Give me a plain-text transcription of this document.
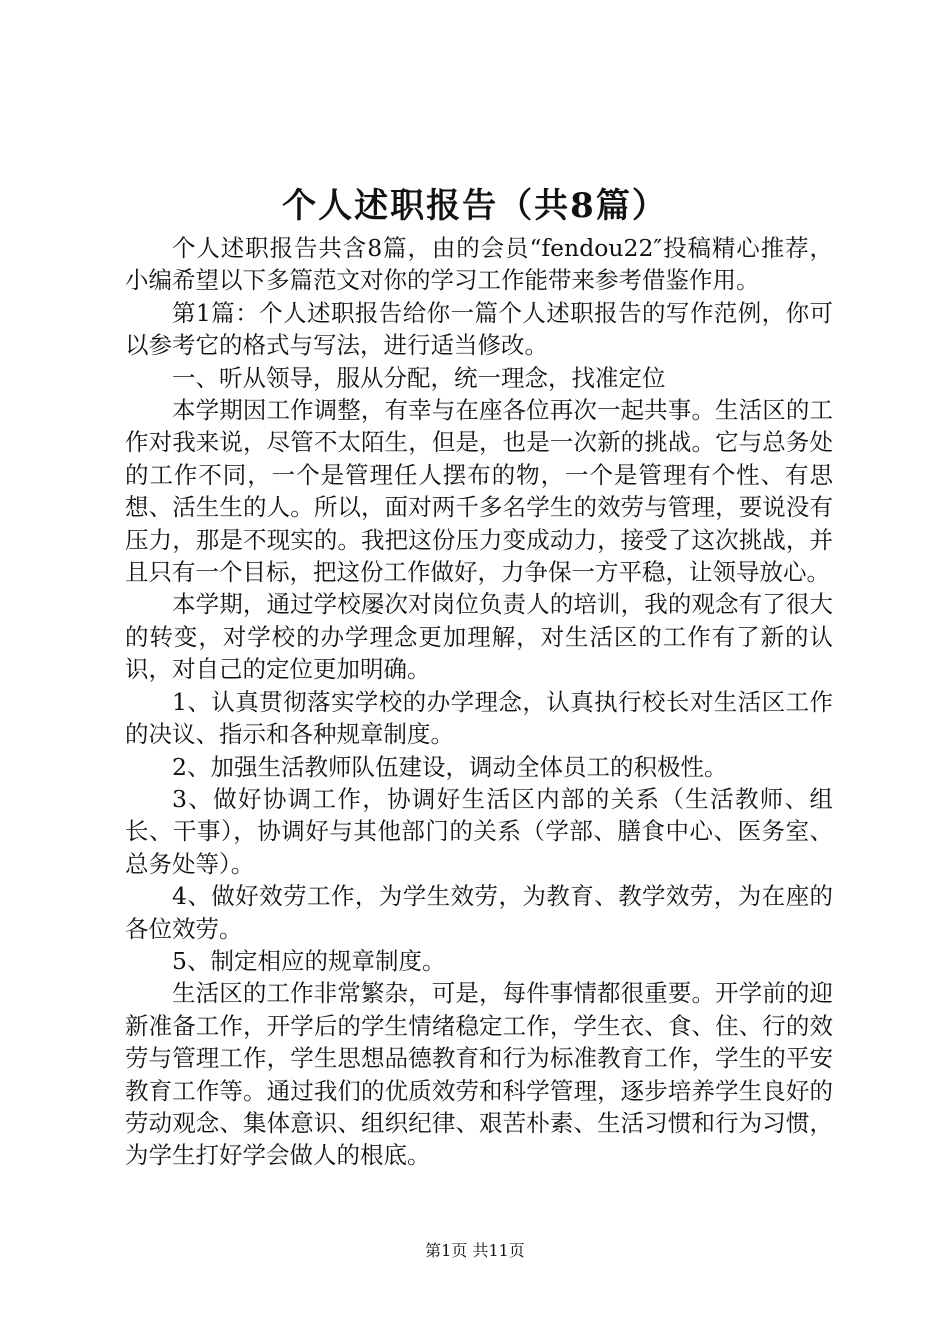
个人述职报告（共8篇）

个人述职报告共含8篇，由的会员“fendou22″投稿精心推荐，小编希望以下多篇范文对你的学习工作能带来参考借鉴作用。

第1篇：个人述职报告给你一篇个人述职报告的写作范例，你可以参考它的格式与写法，进行适当修改。

一、听从领导，服从分配，统一理念，找准定位

本学期因工作调整，有幸与在座各位再次一起共事。生活区的工作对我来说，尽管不太陌生，但是，也是一次新的挑战。它与总务处的工作不同，一个是管理任人摆布的物，一个是管理有个性、有思想、活生生的人。所以，面对两千多名学生的效劳与管理，要说没有压力，那是不现实的。我把这份压力变成动力，接受了这次挑战，并且只有一个目标，把这份工作做好，力争保一方平稳，让领导放心。

本学期，通过学校屡次对岗位负责人的培训，我的观念有了很大的转变，对学校的办学理念更加理解，对生活区的工作有了新的认识，对自己的定位更加明确。

1、认真贯彻落实学校的办学理念，认真执行校长对生活区工作的决议、指示和各种规章制度。

2、加强生活教师队伍建设，调动全体员工的积极性。

3、做好协调工作，协调好生活区内部的关系（生活教师、组长、干事），协调好与其他部门的关系（学部、膳食中心、医务室、总务处等）。

4、做好效劳工作，为学生效劳，为教育、教学效劳，为在座的各位效劳。

5、制定相应的规章制度。

生活区的工作非常繁杂，可是，每件事情都很重要。开学前的迎新准备工作，开学后的学生情绪稳定工作，学生衣、食、住、行的效劳与管理工作，学生思想品德教育和行为标准教育工作，学生的平安教育工作等。通过我们的优质效劳和科学管理，逐步培养学生良好的劳动观念、集体意识、组织纪律、艰苦朴素、生活习惯和行为习惯，为学生打好学会做人的根底。

第1页 共11页
